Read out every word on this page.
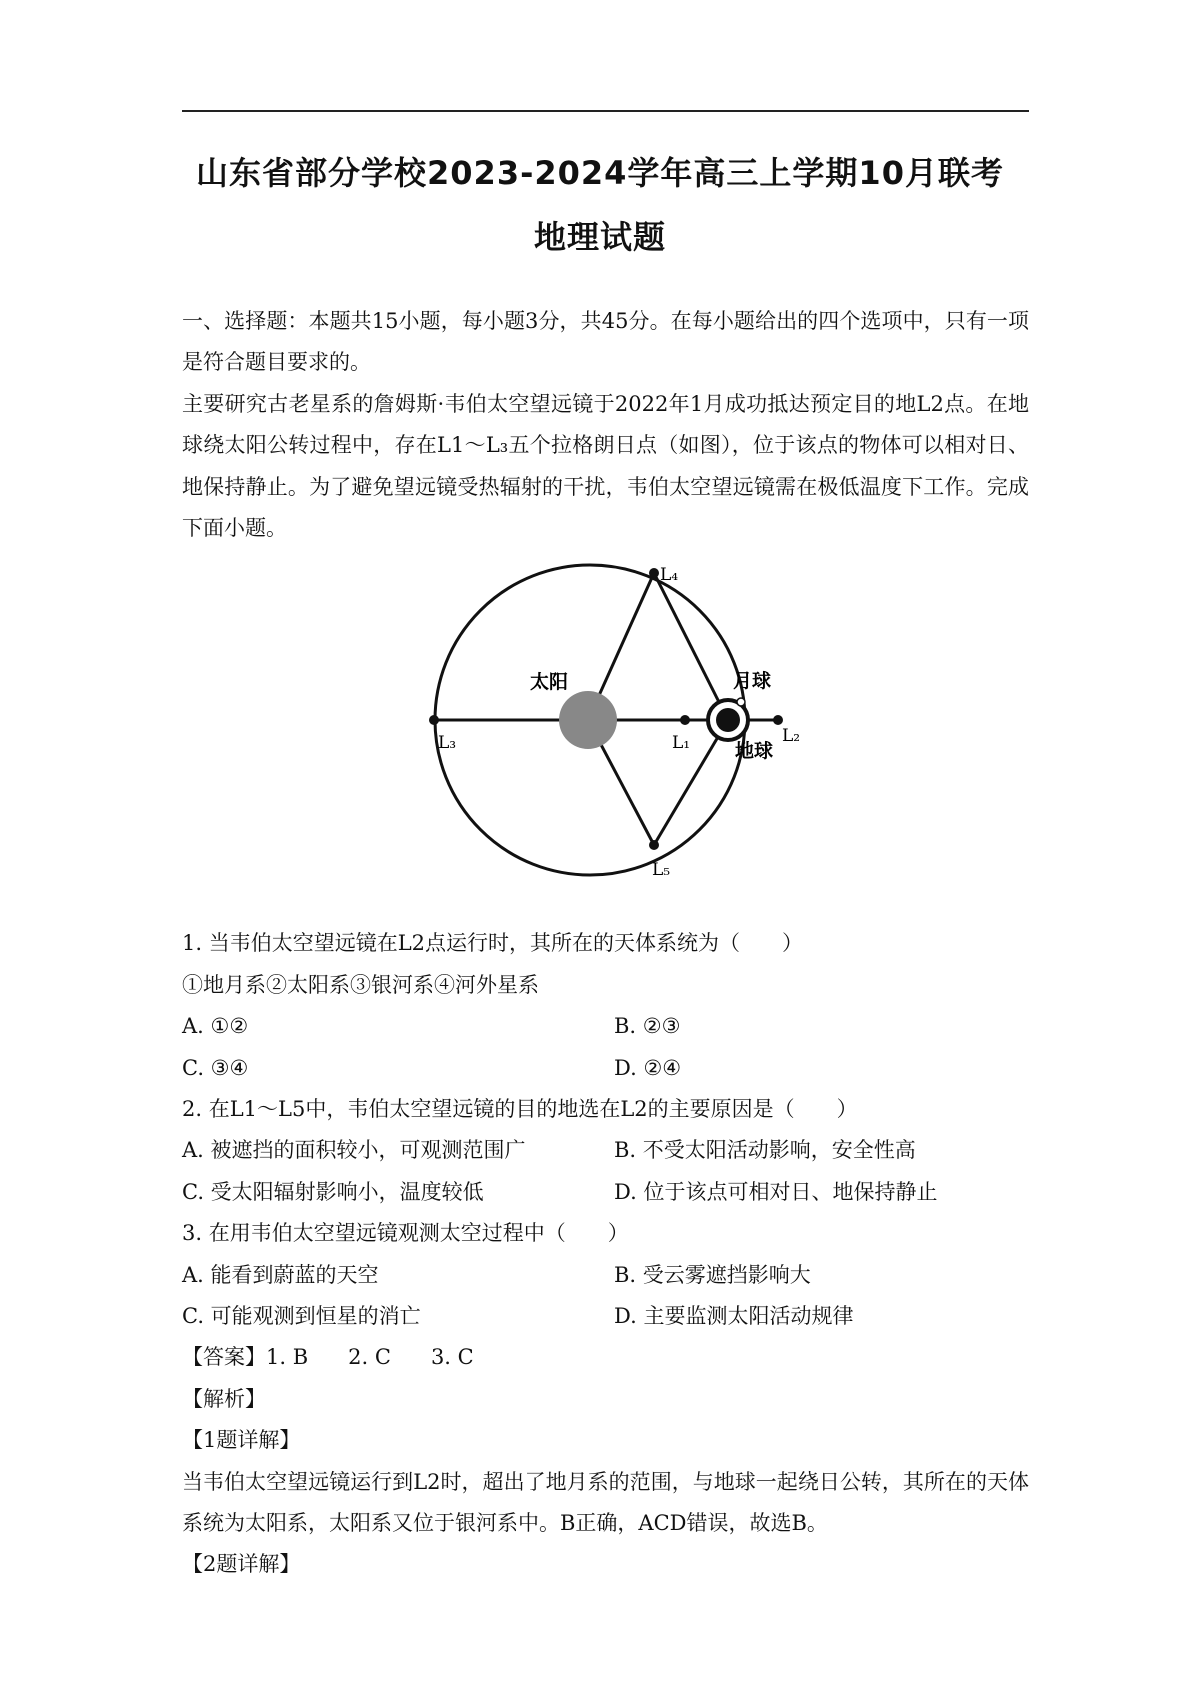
山东省部分学校2023-2024学年高三上学期10月联考
地理试题

一、选择题：本题共15小题，每小题3分，共45分。在每小题给出的四个选项中，只有一项是符合题目要求的。

主要研究古老星系的詹姆斯·韦伯太空望远镜于2022年1月成功抵达预定目的地L2点。在地球绕太阳公转过程中，存在L1～L₃五个拉格朗日点（如图），位于该点的物体可以相对日、地保持静止。为了避免望远镜受热辐射的干扰，韦伯太空望远镜需在极低温度下工作。完成下面小题。

太阳	月球
地球
L₃	L₁	L₂
L₄
L₅

1. 当韦伯太空望远镜在L2点运行时，其所在的天体系统为（　　）

①地月系②太阳系③银河系④河外星系

A. ①②	B. ②③
C. ③④	D. ②④

2. 在L1～L5中，韦伯太空望远镜的目的地选在L2的主要原因是（　　）

A. 被遮挡的面积较小，可观测范围广	B. 不受太阳活动影响，安全性高
C. 受太阳辐射影响小，温度较低	D. 位于该点可相对日、地保持静止

3. 在用韦伯太空望远镜观测太空过程中（　　）

A. 能看到蔚蓝的天空	B. 受云雾遮挡影响大
C. 可能观测到恒星的消亡	D. 主要监测太阳活动规律

【答案】1. B 2. C 3. C

【解析】

【1题详解】

当韦伯太空望远镜运行到L2时，超出了地月系的范围，与地球一起绕日公转，其所在的天体系统为太阳系，太阳系又位于银河系中。B正确，ACD错误，故选B。

【2题详解】
